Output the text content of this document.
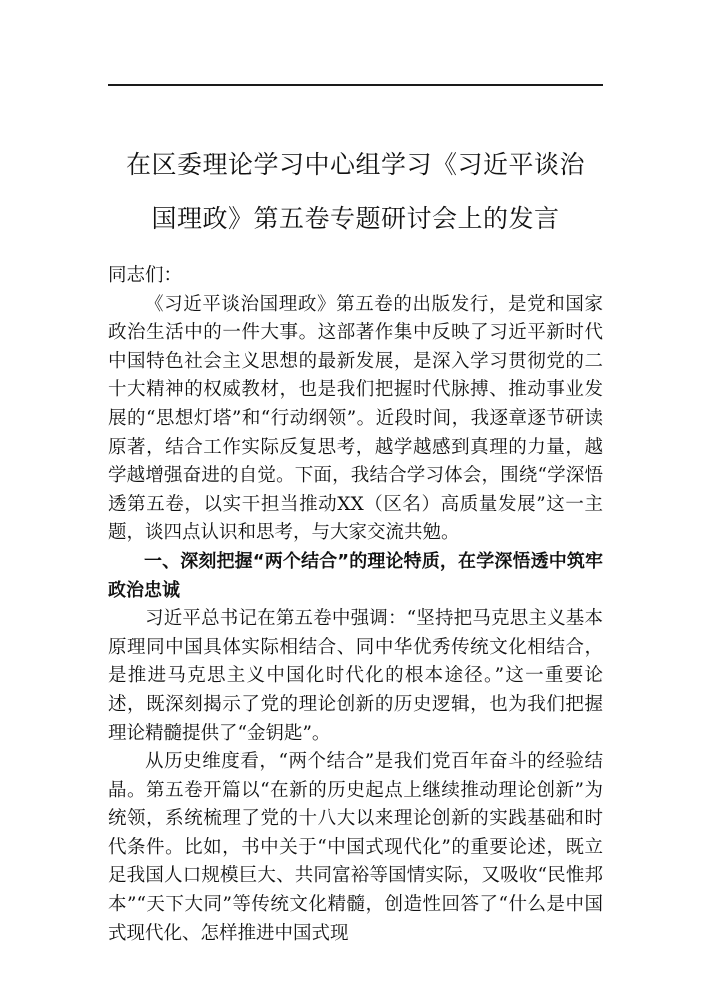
在区委理论学习中心组学习《习近平谈治
国理政》第五卷专题研讨会上的发言

同志们：

《习近平谈治国理政》第五卷的出版发行，是党和国家政治生活中的一件大事。这部著作集中反映了习近平新时代中国特色社会主义思想的最新发展，是深入学习贯彻党的二十大精神的权威教材，也是我们把握时代脉搏、推动事业发展的“思想灯塔”和“行动纲领”。近段时间，我逐章逐节研读原著，结合工作实际反复思考，越学越感到真理的力量，越学越增强奋进的自觉。下面，我结合学习体会，围绕“学深悟透第五卷，以实干担当推动XX（区名）高质量发展”这一主题，谈四点认识和思考，与大家交流共勉。

一、深刻把握“两个结合”的理论特质，在学深悟透中筑牢政治忠诚

习近平总书记在第五卷中强调：“坚持把马克思主义基本原理同中国具体实际相结合、同中华优秀传统文化相结合，是推进马克思主义中国化时代化的根本途径。”这一重要论述，既深刻揭示了党的理论创新的历史逻辑，也为我们把握理论精髓提供了“金钥匙”。

从历史维度看，“两个结合”是我们党百年奋斗的经验结晶。第五卷开篇以“在新的历史起点上继续推动理论创新”为统领，系统梳理了党的十八大以来理论创新的实践基础和时代条件。比如，书中关于“中国式现代化”的重要论述，既立足我国人口规模巨大、共同富裕等国情实际，又吸收“民惟邦本”“天下大同”等传统文化精髓，创造性回答了“什么是中国式现代化、怎样推进中国式现
